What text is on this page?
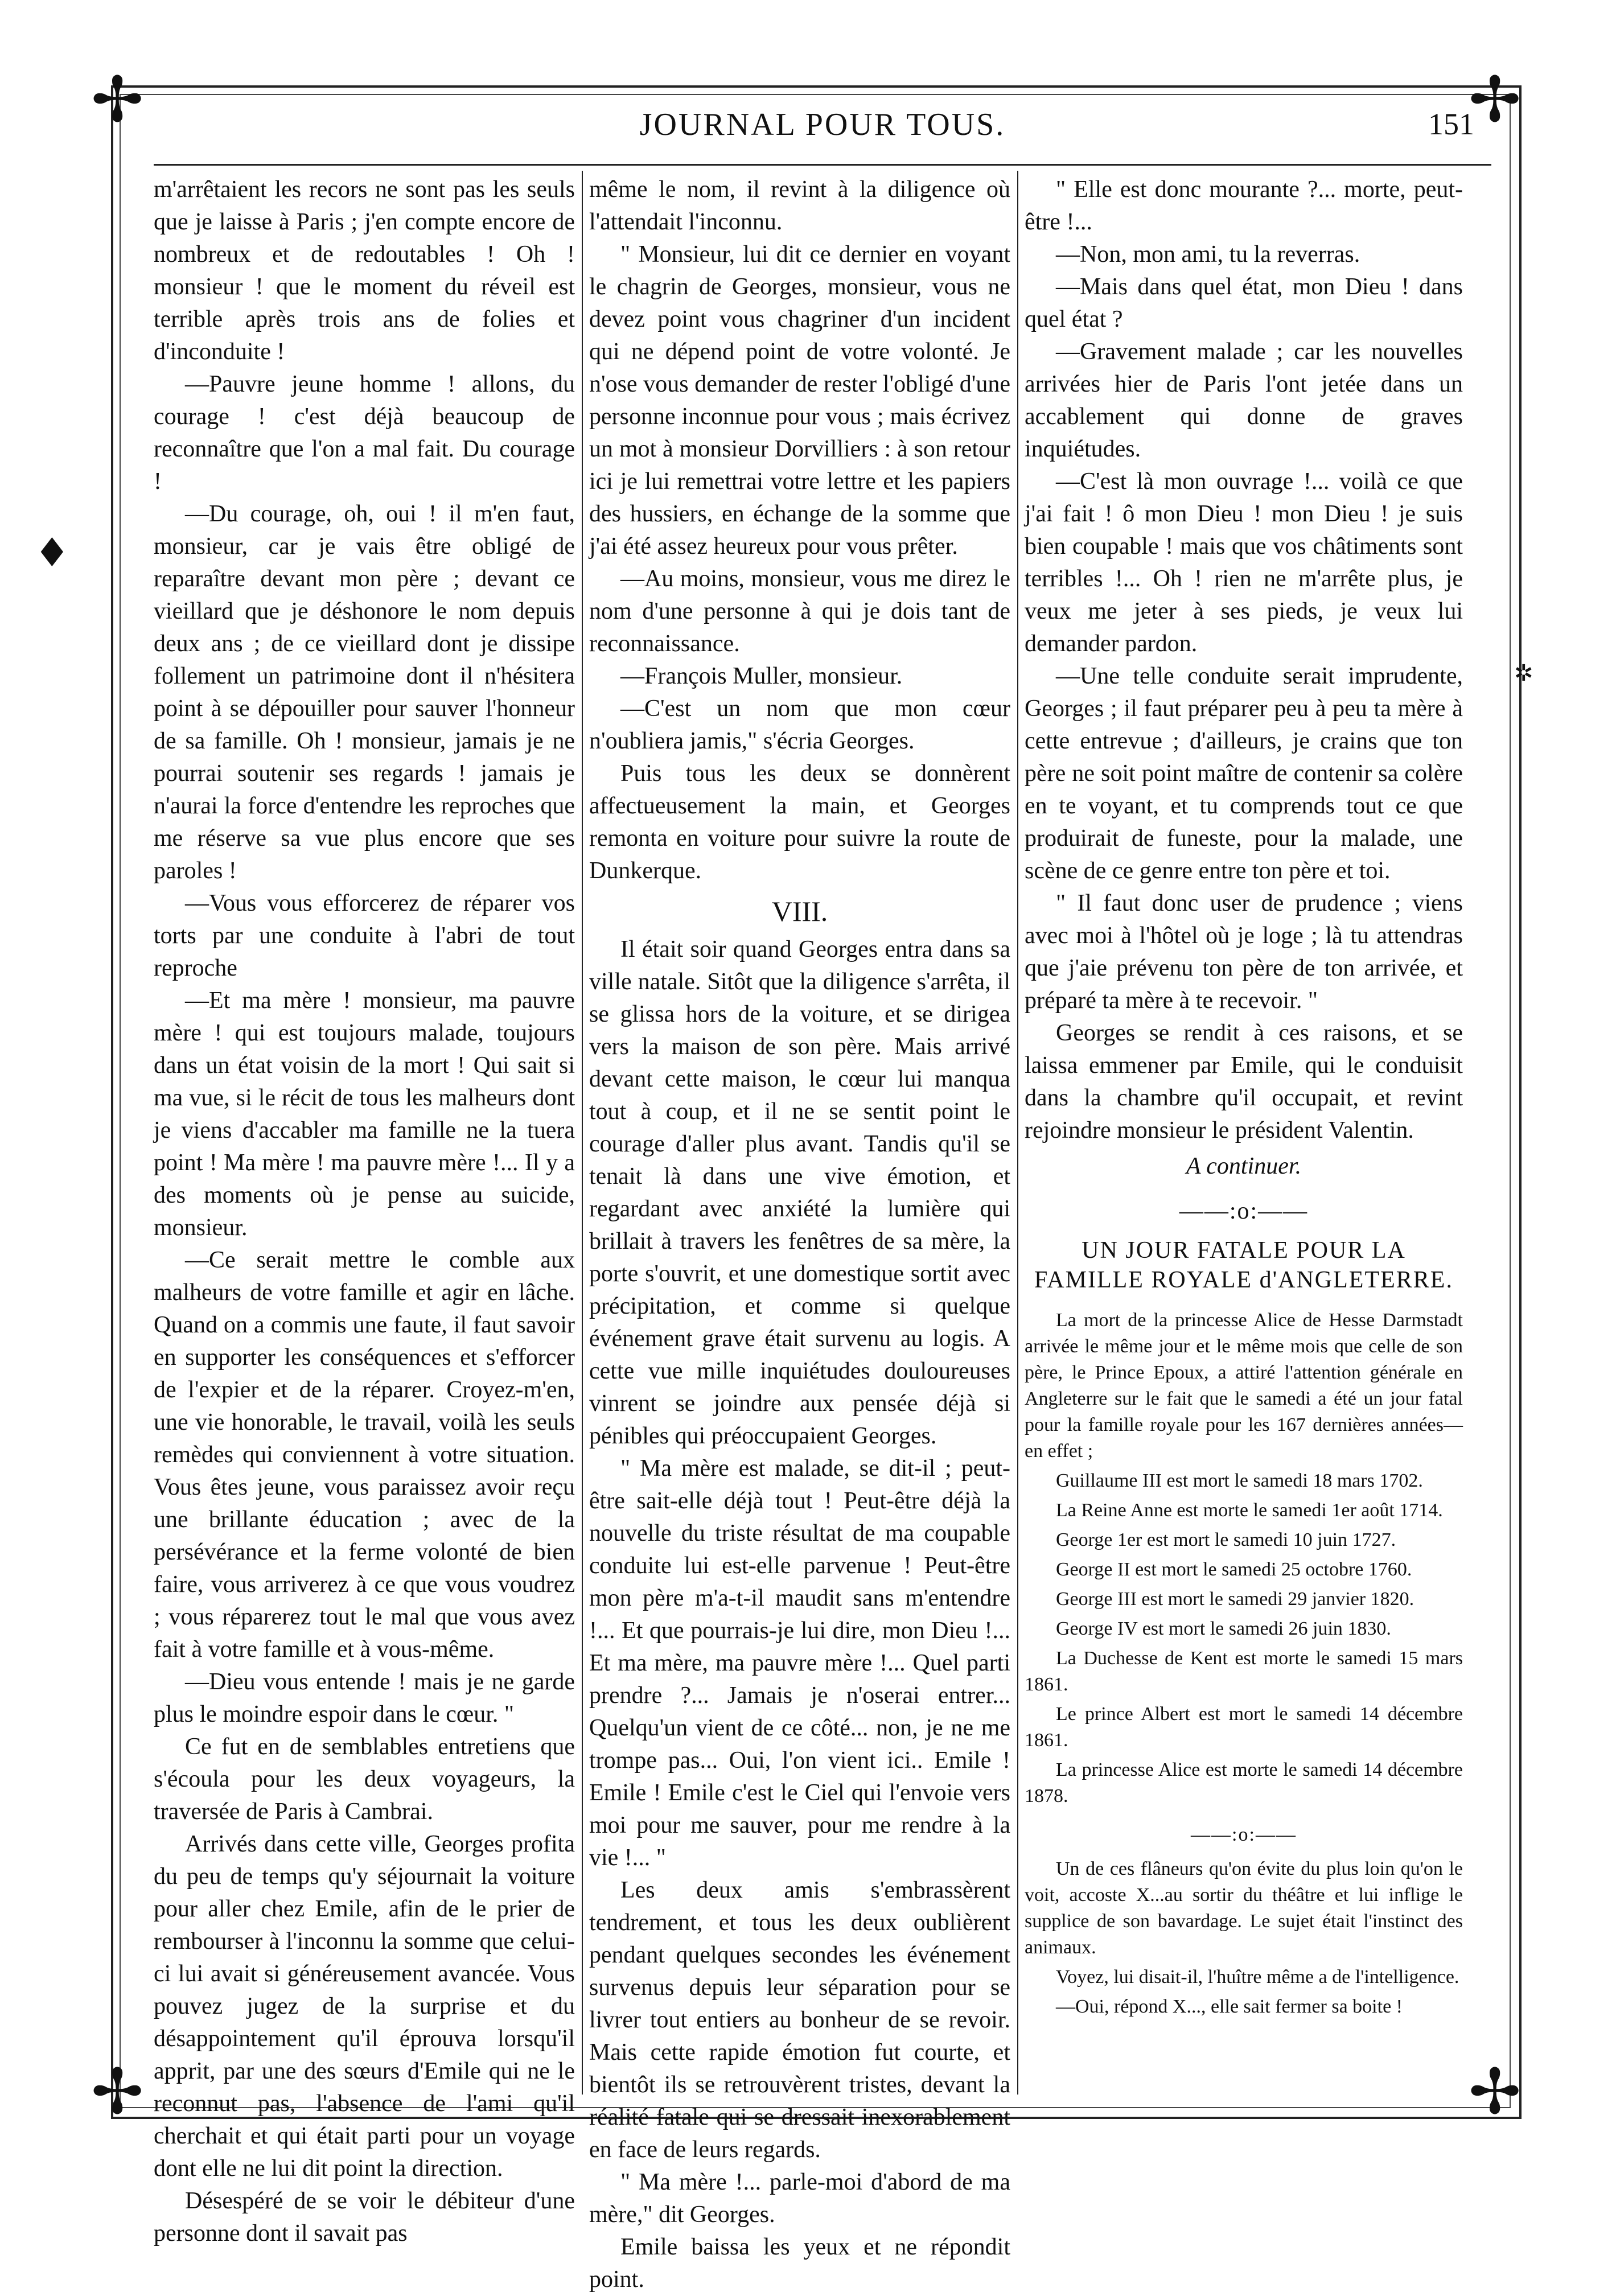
✢	✢
✢	✢
♦
✲
JOURNAL POUR TOUS.	151

m'arrêtaient les recors ne sont pas les seuls que je laisse à Paris ; j'en compte encore de nombreux et de redoutables ! Oh ! monsieur ! que le moment du réveil est terrible après trois ans de folies et d'inconduite !

—Pauvre jeune homme ! allons, du courage ! c'est déjà beaucoup de reconnaître que l'on a mal fait. Du courage !

—Du courage, oh, oui ! il m'en faut, monsieur, car je vais être obligé de reparaître devant mon père ; devant ce vieillard que je déshonore le nom depuis deux ans ; de ce vieillard dont je dissipe follement un patrimoine dont il n'hésitera point à se dépouiller pour sauver l'honneur de sa famille. Oh ! monsieur, jamais je ne pourrai soutenir ses regards ! jamais je n'aurai la force d'entendre les reproches que me réserve sa vue plus encore que ses paroles !

—Vous vous efforcerez de réparer vos torts par une conduite à l'abri de tout reproche

—Et ma mère ! monsieur, ma pauvre mère ! qui est toujours malade, toujours dans un état voisin de la mort ! Qui sait si ma vue, si le récit de tous les malheurs dont je viens d'accabler ma famille ne la tuera point ! Ma mère ! ma pauvre mère !... Il y a des moments où je pense au suicide, monsieur.

—Ce serait mettre le comble aux malheurs de votre famille et agir en lâche. Quand on a commis une faute, il faut savoir en supporter les conséquences et s'efforcer de l'expier et de la réparer. Croyez-m'en, une vie honorable, le travail, voilà les seuls remèdes qui conviennent à votre situation. Vous êtes jeune, vous paraissez avoir reçu une brillante éducation ; avec de la persévérance et la ferme volonté de bien faire, vous arriverez à ce que vous voudrez ; vous réparerez tout le mal que vous avez fait à votre famille et à vous-même.

—Dieu vous entende ! mais je ne garde plus le moindre espoir dans le cœur. "

Ce fut en de semblables entretiens que s'écoula pour les deux voyageurs, la traversée de Paris à Cambrai.

Arrivés dans cette ville, Georges profita du peu de temps qu'y séjournait la voiture pour aller chez Emile, afin de le prier de rembourser à l'inconnu la somme que celui-ci lui avait si généreusement avancée. Vous pouvez jugez de la surprise et du désappointement qu'il éprouva lorsqu'il apprit, par une des sœurs d'Emile qui ne le reconnut pas, l'absence de l'ami qu'il cherchait et qui était parti pour un voyage dont elle ne lui dit point la direction.

Désespéré de se voir le débiteur d'une personne dont il savait pas

même le nom, il revint à la diligence où l'attendait l'inconnu.

" Monsieur, lui dit ce dernier en voyant le chagrin de Georges, monsieur, vous ne devez point vous chagriner d'un incident qui ne dépend point de votre volonté. Je n'ose vous demander de rester l'obligé d'une personne inconnue pour vous ; mais écrivez un mot à monsieur Dorvilliers : à son retour ici je lui remettrai votre lettre et les papiers des hussiers, en échange de la somme que j'ai été assez heureux pour vous prêter.

—Au moins, monsieur, vous me direz le nom d'une personne à qui je dois tant de reconnaissance.

—François Muller, monsieur.

—C'est un nom que mon cœur n'oubliera jamis," s'écria Georges.

Puis tous les deux se donnèrent affectueusement la main, et Georges remonta en voiture pour suivre la route de Dunkerque.

VIII.

Il était soir quand Georges entra dans sa ville natale. Sitôt que la diligence s'arrêta, il se glissa hors de la voiture, et se dirigea vers la maison de son père. Mais arrivé devant cette maison, le cœur lui manqua tout à coup, et il ne se sentit point le courage d'aller plus avant. Tandis qu'il se tenait là dans une vive émotion, et regardant avec anxiété la lumière qui brillait à travers les fenêtres de sa mère, la porte s'ouvrit, et une domestique sortit avec précipitation, et comme si quelque événement grave était survenu au logis. A cette vue mille inquiétudes douloureuses vinrent se joindre aux pensée déjà si pénibles qui préoccupaient Georges.

" Ma mère est malade, se dit-il ; peut-être sait-elle déjà tout ! Peut-être déjà la nouvelle du triste résultat de ma coupable conduite lui est-elle parvenue ! Peut-être mon père m'a-t-il maudit sans m'entendre !... Et que pourrais-je lui dire, mon Dieu !... Et ma mère, ma pauvre mère !... Quel parti prendre ?... Jamais je n'oserai entrer... Quelqu'un vient de ce côté... non, je ne me trompe pas... Oui, l'on vient ici.. Emile ! Emile ! Emile c'est le Ciel qui l'envoie vers moi pour me sauver, pour me rendre à la vie !... "

Les deux amis s'embrassèrent tendrement, et tous les deux oublièrent pendant quelques secondes les événement survenus depuis leur séparation pour se livrer tout entiers au bonheur de se revoir. Mais cette rapide émotion fut courte, et bientôt ils se retrouvèrent tristes, devant la réalité fatale qui se dressait inexorablement en face de leurs regards.

" Ma mère !... parle-moi d'abord de ma mère," dit Georges.

Emile baissa les yeux et ne répondit point.

" Elle est donc mourante ?... morte, peut-être !...

—Non, mon ami, tu la reverras.

—Mais dans quel état, mon Dieu ! dans quel état ?

—Gravement malade ; car les nouvelles arrivées hier de Paris l'ont jetée dans un accablement qui donne de graves inquiétudes.

—C'est là mon ouvrage !... voilà ce que j'ai fait ! ô mon Dieu ! mon Dieu ! je suis bien coupable ! mais que vos châtiments sont terribles !... Oh ! rien ne m'arrête plus, je veux me jeter à ses pieds, je veux lui demander pardon.

—Une telle conduite serait imprudente, Georges ; il faut préparer peu à peu ta mère à cette entrevue ; d'ailleurs, je crains que ton père ne soit point maître de contenir sa colère en te voyant, et tu comprends tout ce que produirait de funeste, pour la malade, une scène de ce genre entre ton père et toi.

" Il faut donc user de prudence ; viens avec moi à l'hôtel où je loge ; là tu attendras que j'aie prévenu ton père de ton arrivée, et préparé ta mère à te recevoir. "

Georges se rendit à ces raisons, et se laissa emmener par Emile, qui le conduisit dans la chambre qu'il occupait, et revint rejoindre monsieur le président Valentin.

A continuer.
——:o:——
UN JOUR FATALE POUR LA
FAMILLE ROYALE d'ANGLETERRE.

La mort de la princesse Alice de Hesse Darmstadt arrivée le même jour et le même mois que celle de son père, le Prince Epoux, a attiré l'attention générale en Angleterre sur le fait que le samedi a été un jour fatal pour la famille royale pour les 167 dernières années— en effet ;

Guillaume III est mort le samedi 18 mars 1702.

La Reine Anne est morte le samedi 1er août 1714.

George 1er est mort le samedi 10 juin 1727.

George II est mort le samedi 25 octobre 1760.

George III est mort le samedi 29 janvier 1820.

George IV est mort le samedi 26 juin 1830.

La Duchesse de Kent est morte le samedi 15 mars 1861.

Le prince Albert est mort le samedi 14 décembre 1861.

La princesse Alice est morte le samedi 14 décembre 1878.

——:o:——

Un de ces flâneurs qu'on évite du plus loin qu'on le voit, accoste X...au sortir du théâtre et lui inflige le supplice de son bavardage. Le sujet était l'instinct des animaux.

Voyez, lui disait-il, l'huître même a de l'intelligence.

—Oui, répond X..., elle sait fermer sa boite !
